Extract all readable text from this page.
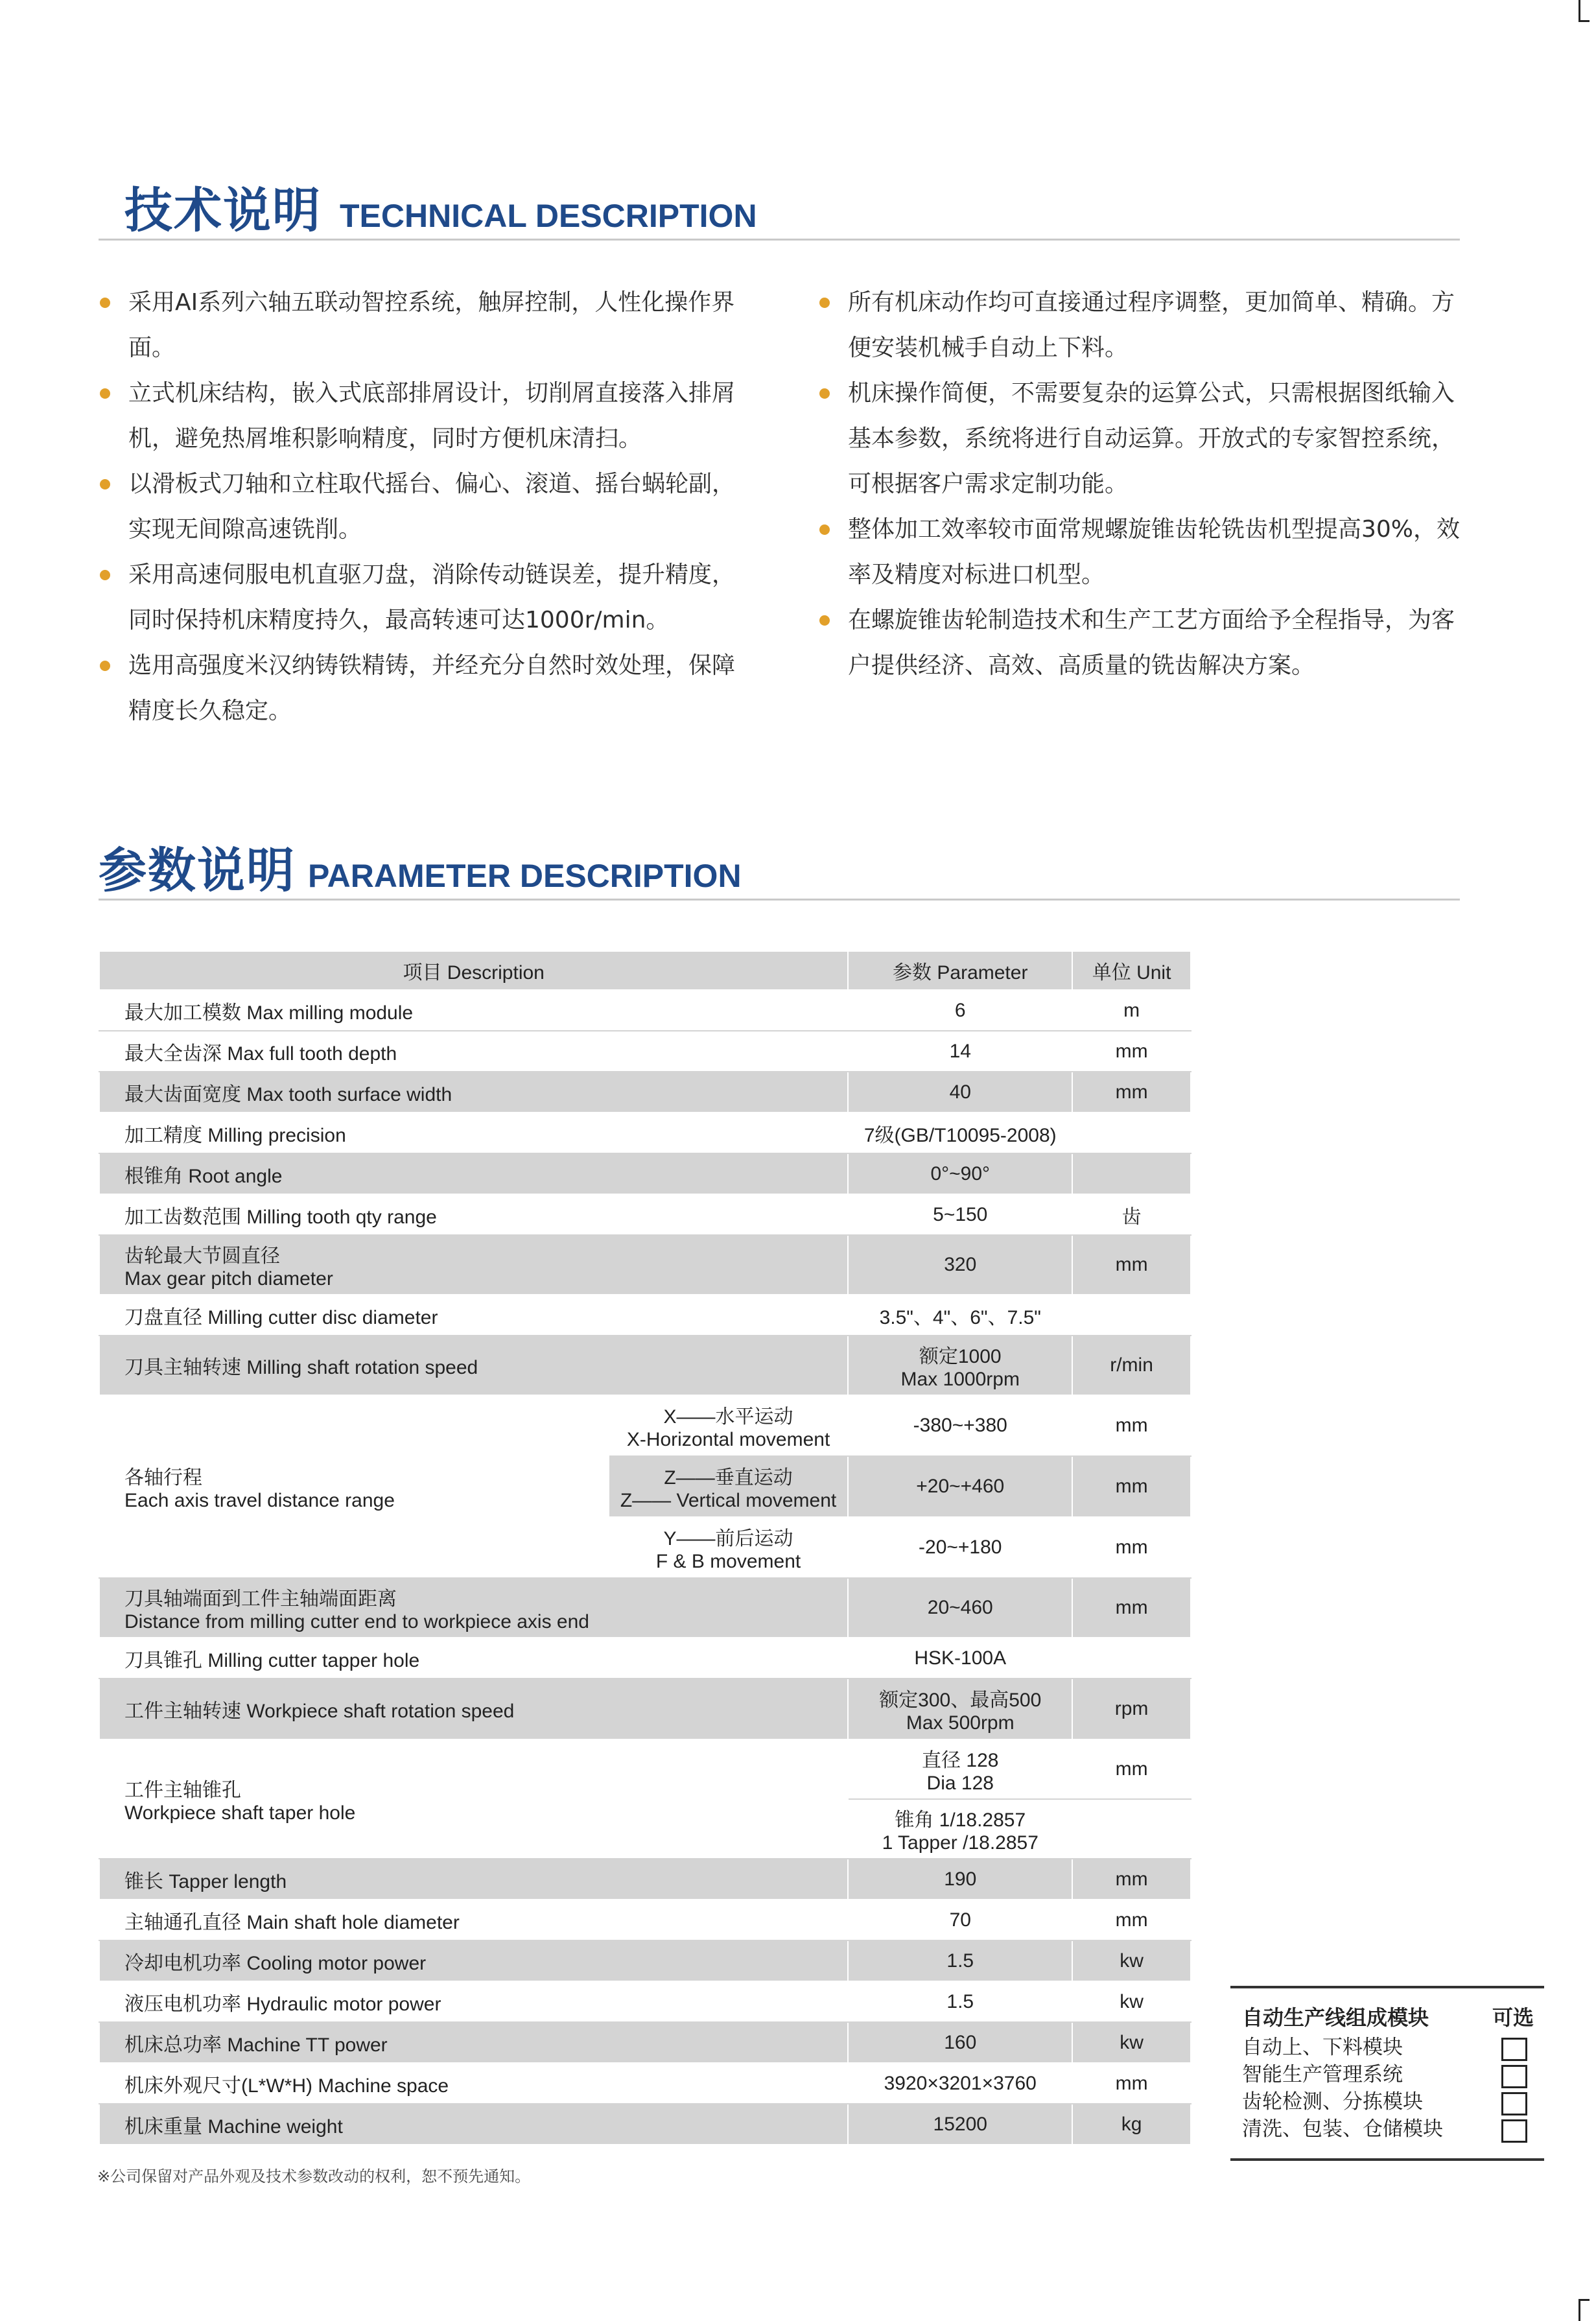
技术说明 TECHNICAL DESCRIPTION
采用AI系列六轴五联动智控系统，触屏控制，人性化操作界面。
立式机床结构，嵌入式底部排屑设计，切削屑直接落入排屑机，避免热屑堆积影响精度，同时方便机床清扫。
以滑板式刀轴和立柱取代摇台、偏心、滚道、摇台蜗轮副，实现无间隙高速铣削。
采用高速伺服电机直驱刀盘，消除传动链误差，提升精度，同时保持机床精度持久，最高转速可达1000r/min。
选用高强度米汉纳铸铁精铸，并经充分自然时效处理，保障精度长久稳定。
所有机床动作均可直接通过程序调整，更加简单、精确。方便安装机械手自动上下料。
机床操作简便，不需要复杂的运算公式，只需根据图纸输入基本参数，系统将进行自动运算。开放式的专家智控系统，可根据客户需求定制功能。
整体加工效率较市面常规螺旋锥齿轮铣齿机型提高30%，效率及精度对标进口机型。
在螺旋锥齿轮制造技术和生产工艺方面给予全程指导，为客户提供经济、高效、高质量的铣齿解决方案。
参数说明 PARAMETER DESCRIPTION
项目 Description		参数 Parameter	单位 Unit
最大加工模数 Max milling module		6	m
最大全齿深 Max full tooth depth		14	mm
最大齿面宽度 Max tooth surface width		40	mm
加工精度 Milling precision		7级(GB/T10095-2008)	
根锥角 Root angle		0°~90°	
加工齿数范围 Milling tooth qty range		5~150	齿

齿轮最大节圆直径
Max gear pitch diameter		320	mm
刀盘直径 Milling cutter disc diameter		3.5"、4"、6"、7.5"	
刀具主轴转速 Milling shaft rotation speed		额定1000
Max 1000rpm	r/min

各轴行程
Each axis travel distance range	X——水平运动
X-Horizontal movement	-380~+380	mm

	Z——垂直运动
Z—— Vertical movement	+20~+460	mm

	Y——前后运动
F & B movement	-20~+180	mm

刀具轴端面到工件主轴端面距离
Distance from milling cutter end to workpiece axis end		20~460	mm
刀具锥孔 Milling cutter tapper hole		HSK-100A	
工件主轴转速 Workpiece shaft rotation speed		额定300、最高500
Max 500rpm	rpm

工件主轴锥孔
Workpiece shaft taper hole		直径 128
Dia 128	mm

		锥角 1/18.2857
1 Tapper /18.2857	

锥长 Tapper length		190	mm
主轴通孔直径 Main shaft hole diameter		70	mm
冷却电机功率 Cooling motor power		1.5	kw
液压电机功率 Hydraulic motor power		1.5	kw
机床总功率 Machine TT power		160	kw
机床外观尺寸(L*W*H) Machine space		3920×3201×3760	mm
机床重量 Machine weight		15200	kg
※公司保留对产品外观及技术参数改动的权利，恕不预先通知。
自动生产线组成模块	可选
自动上、下料模块
智能生产管理系统
齿轮检测、分拣模块
清洗、包装、仓储模块
